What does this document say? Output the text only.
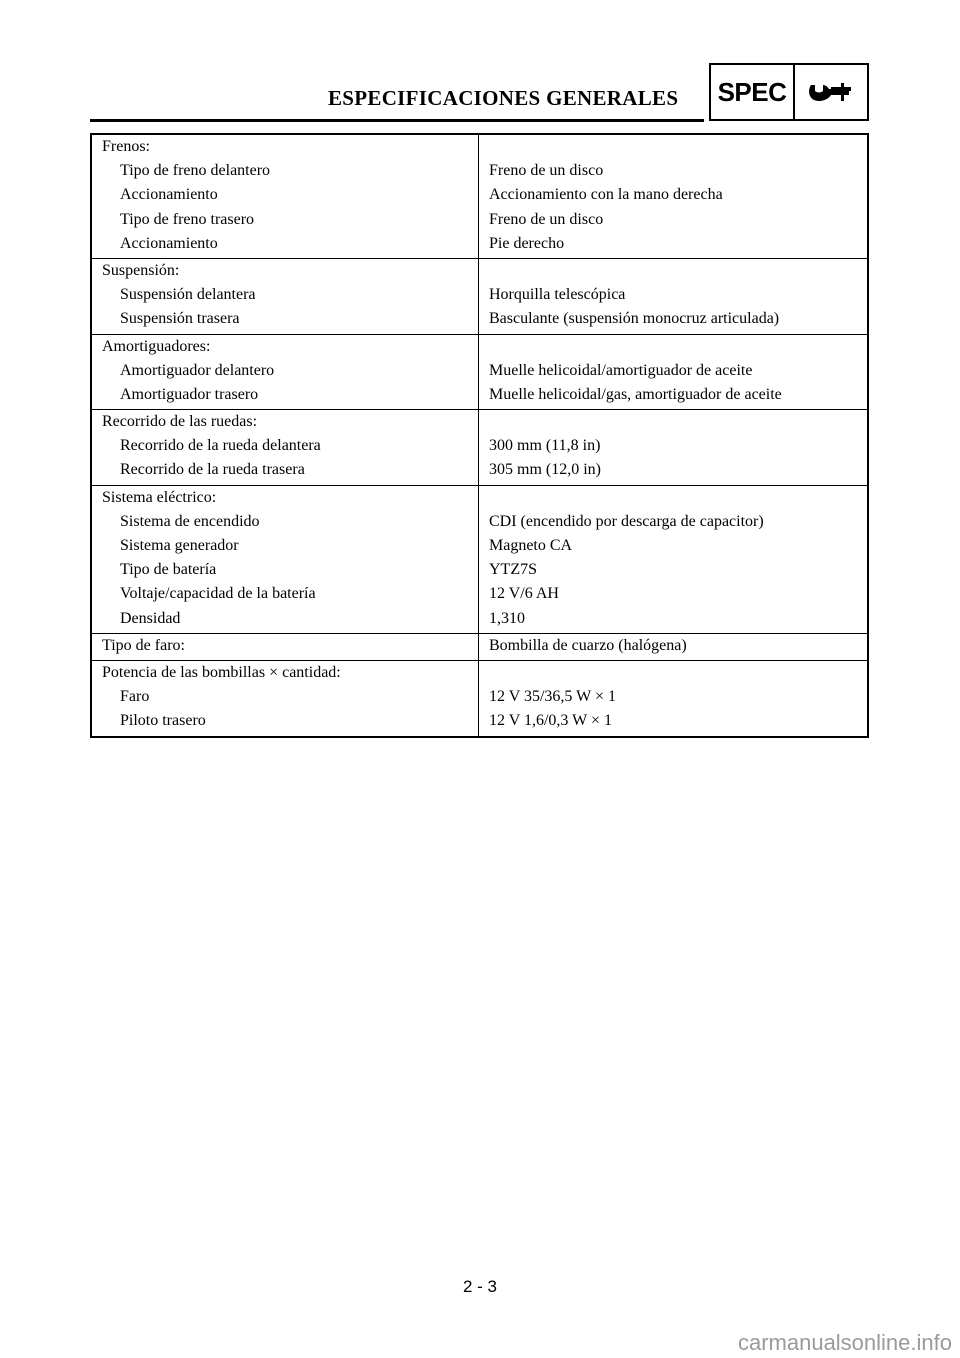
ESPECIFICACIONES GENERALES SPEC
Frenos:
Tipo de freno delantero
Accionamiento
Tipo de freno trasero
Accionamiento
Freno de un disco
Accionamiento con la mano derecha
Freno de un disco
Pie derecho
Suspensión:
Suspensión delantera
Suspensión trasera
Horquilla telescópica
Basculante (suspensión monocruz articulada)
Amortiguadores:
Amortiguador delantero
Amortiguador trasero
Muelle helicoidal/amortiguador de aceite
Muelle helicoidal/gas, amortiguador de aceite
Recorrido de las ruedas:
Recorrido de la rueda delantera
Recorrido de la rueda trasera
300 mm (11,8 in)
305 mm (12,0 in)
Sistema eléctrico:
Sistema de encendido
Sistema generador
Tipo de batería
Voltaje/capacidad de la batería
Densidad
CDI (encendido por descarga de capacitor)
Magneto CA
YTZ7S
12 V/6 AH
1,310
Tipo de faro:	Bombilla de cuarzo (halógena)
Potencia de las bombillas × cantidad:
Faro
Piloto trasero
12 V 35/36,5 W × 1
12 V 1,6/0,3 W × 1
2 - 3
carmanualsonline.info
